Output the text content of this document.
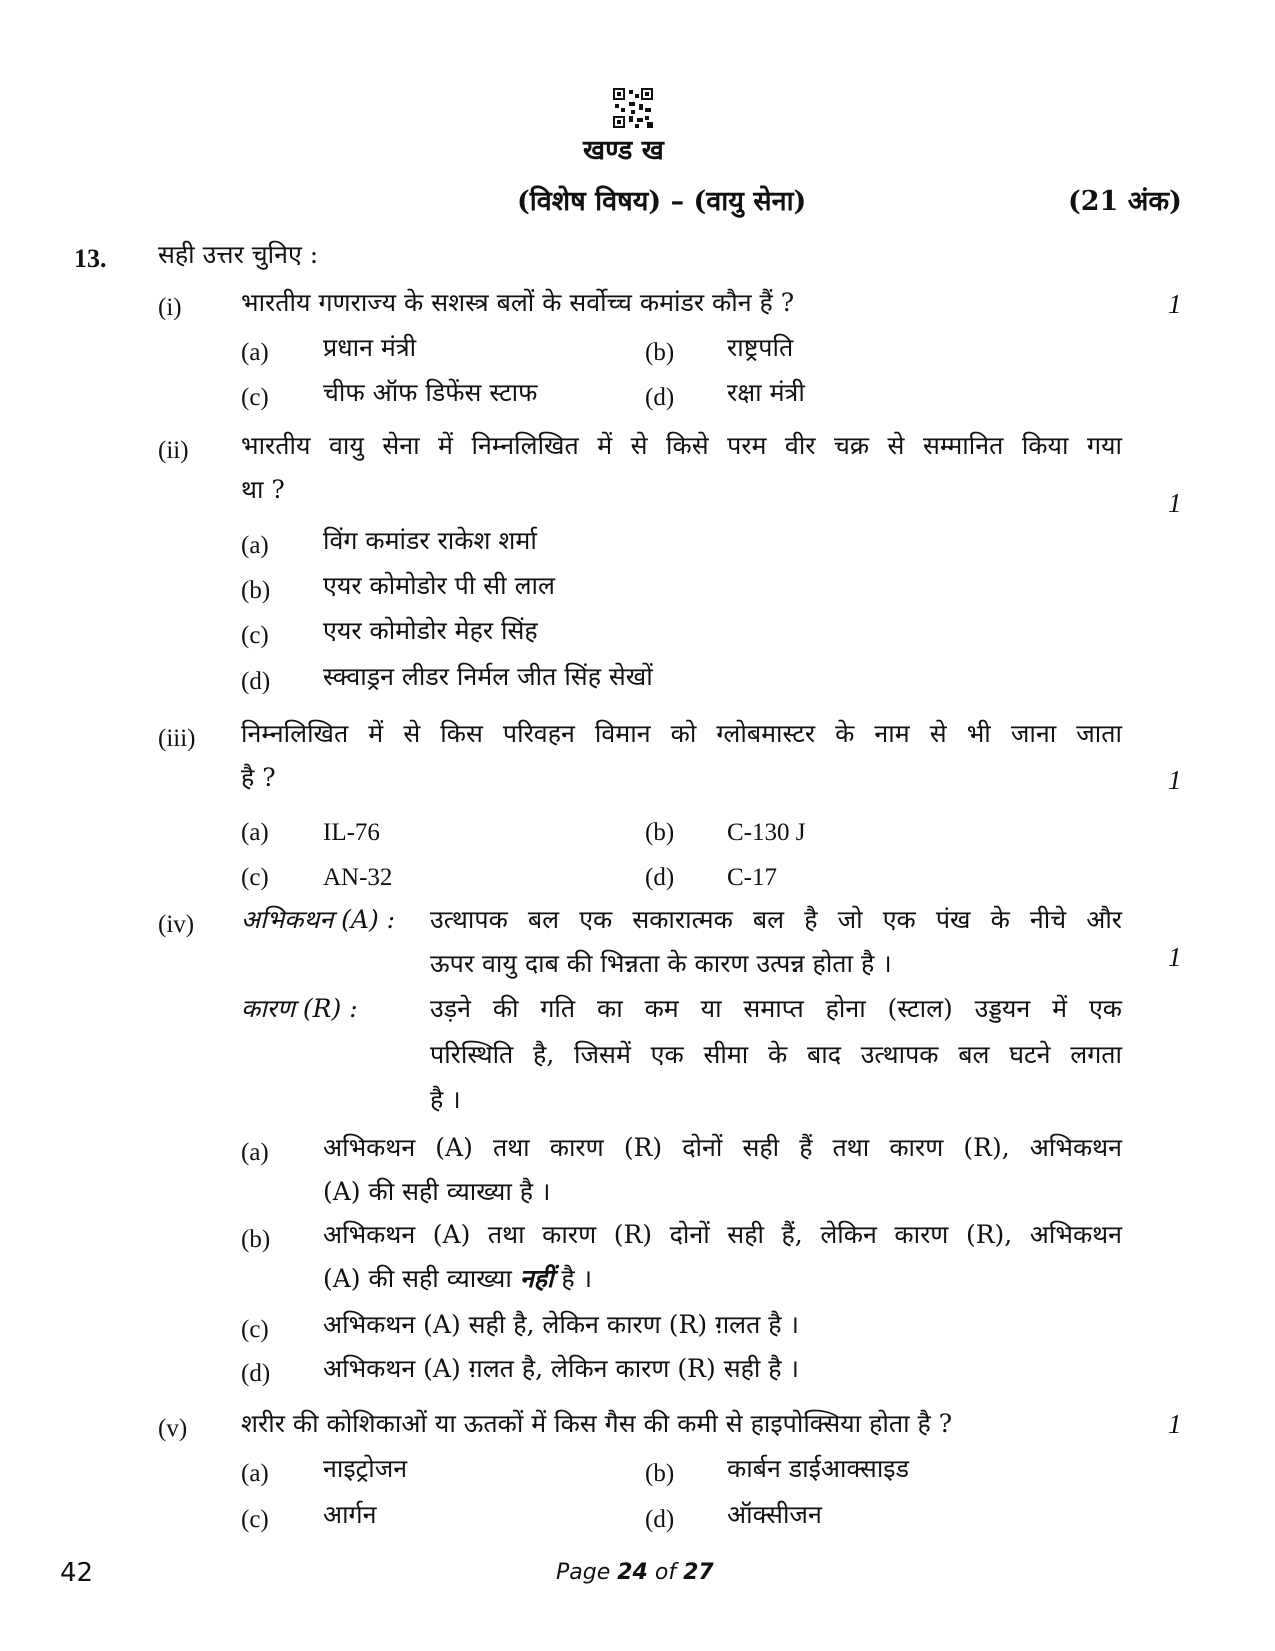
खण्ड ख
(विशेष विषय) – (वायु सेना)	(21 अंक)
13. सही उत्तर चुनिए :
(i) भारतीय गणराज्य के सशस्त्र बलों के सर्वोच्च कमांडर कौन हैं ?	1
(a) प्रधान मंत्री	(b) राष्ट्रपति
(c) चीफ ऑफ डिफेंस स्टाफ	(d) रक्षा मंत्री
(ii) भारतीय वायु सेना में निम्नलिखित में से किसे परम वीर चक्र से सम्मानित किया गया
था ?	1
(a) विंग कमांडर राकेश शर्मा
(b) एयर कोमोडोर पी सी लाल
(c) एयर कोमोडोर मेहर सिंह
(d) स्क्वाड्रन लीडर निर्मल जीत सिंह सेखों
(iii) निम्नलिखित में से किस परिवहन विमान को ग्लोबमास्टर के नाम से भी जाना जाता
है ?	1
(a) IL-76	(b) C-130 J
(c) AN-32	(d) C-17
(iv) अभिकथन (A) : उत्थापक बल एक सकारात्मक बल है जो एक पंख के नीचे और
ऊपर वायु दाब की भिन्नता के कारण उत्पन्न होता है ।	1
कारण (R) :	उड़ने की गति का कम या समाप्त होना (स्टाल) उड्डयन में एक
परिस्थिति है, जिसमें एक सीमा के बाद उत्थापक बल घटने लगता
है ।
(a) अभिकथन (A) तथा कारण (R) दोनों सही हैं तथा कारण (R), अभिकथन
(A) की सही व्याख्या है ।
(b) अभिकथन (A) तथा कारण (R) दोनों सही हैं, लेकिन कारण (R), अभिकथन
(A) की सही व्याख्या नहीं है ।
(c) अभिकथन (A) सही है, लेकिन कारण (R) ग़लत है ।
(d) अभिकथन (A) ग़लत है, लेकिन कारण (R) सही है ।
(v) शरीर की कोशिकाओं या ऊतकों में किस गैस की कमी से हाइपोक्सिया होता है ?	1
(a) नाइट्रोजन	(b) कार्बन डाईआक्साइड
(c) आर्गन	(d) ऑक्सीजन
42	Page 24 of 27
